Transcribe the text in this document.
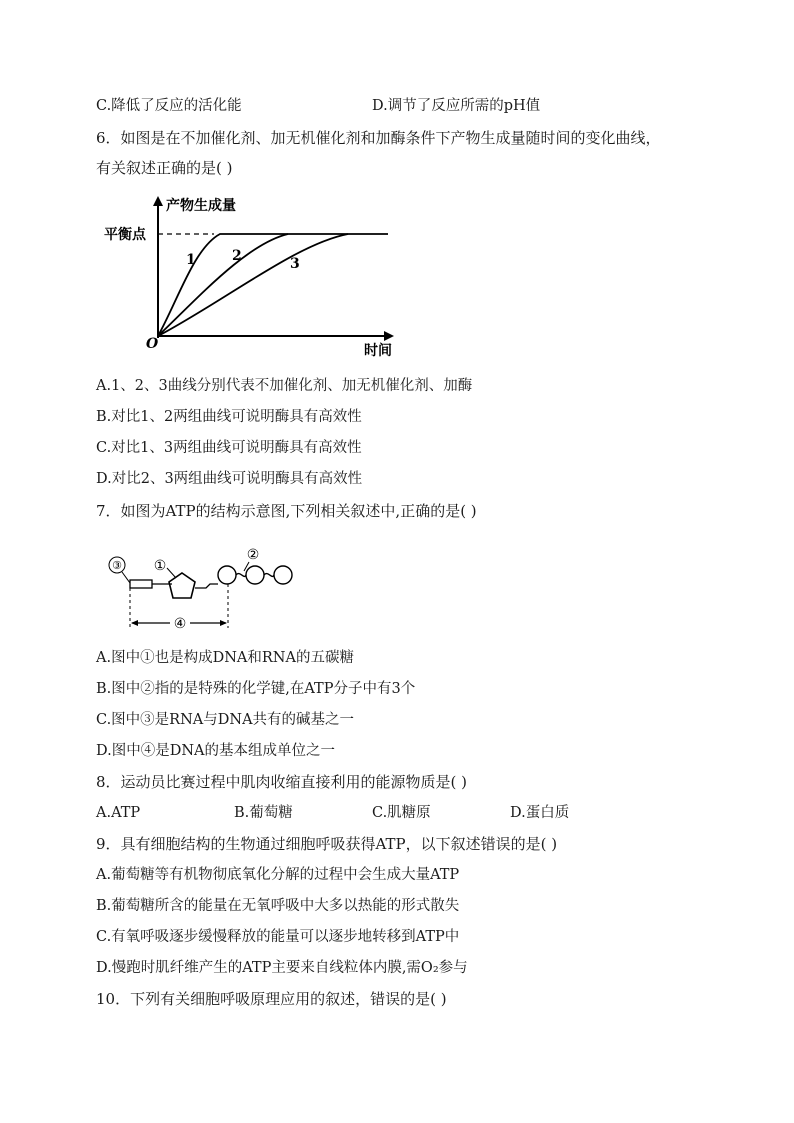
C.降低了反应的活化能	D.调节了反应所需的pH值
6．如图是在不加催化剂、加无机催化剂和加酶条件下产物生成量随时间的变化曲线，
有关叙述正确的是( )
产物生成量
平衡点
时间
O
1	2	3
A.1、2、3曲线分别代表不加催化剂、加无机催化剂、加酶
B.对比1、2两组曲线可说明酶具有高效性
C.对比1、3两组曲线可说明酶具有高效性
D.对比2、3两组曲线可说明酶具有高效性
7．如图为ATP的结构示意图,下列相关叙述中,正确的是( )
③ ①
②
④
A.图中①也是构成DNA和RNA的五碳糖
B.图中②指的是特殊的化学键,在ATP分子中有3个
C.图中③是RNA与DNA共有的碱基之一
D.图中④是DNA的基本组成单位之一
8．运动员比赛过程中肌肉收缩直接利用的能源物质是( )
A.ATP	B.葡萄糖	C.肌糖原	D.蛋白质
9．具有细胞结构的生物通过细胞呼吸获得ATP，以下叙述错误的是( )
A.葡萄糖等有机物彻底氧化分解的过程中会生成大量ATP
B.葡萄糖所含的能量在无氧呼吸中大多以热能的形式散失
C.有氧呼吸逐步缓慢释放的能量可以逐步地转移到ATP中
D.慢跑时肌纤维产生的ATP主要来自线粒体内膜,需O₂参与
10．下列有关细胞呼吸原理应用的叙述，错误的是( )
